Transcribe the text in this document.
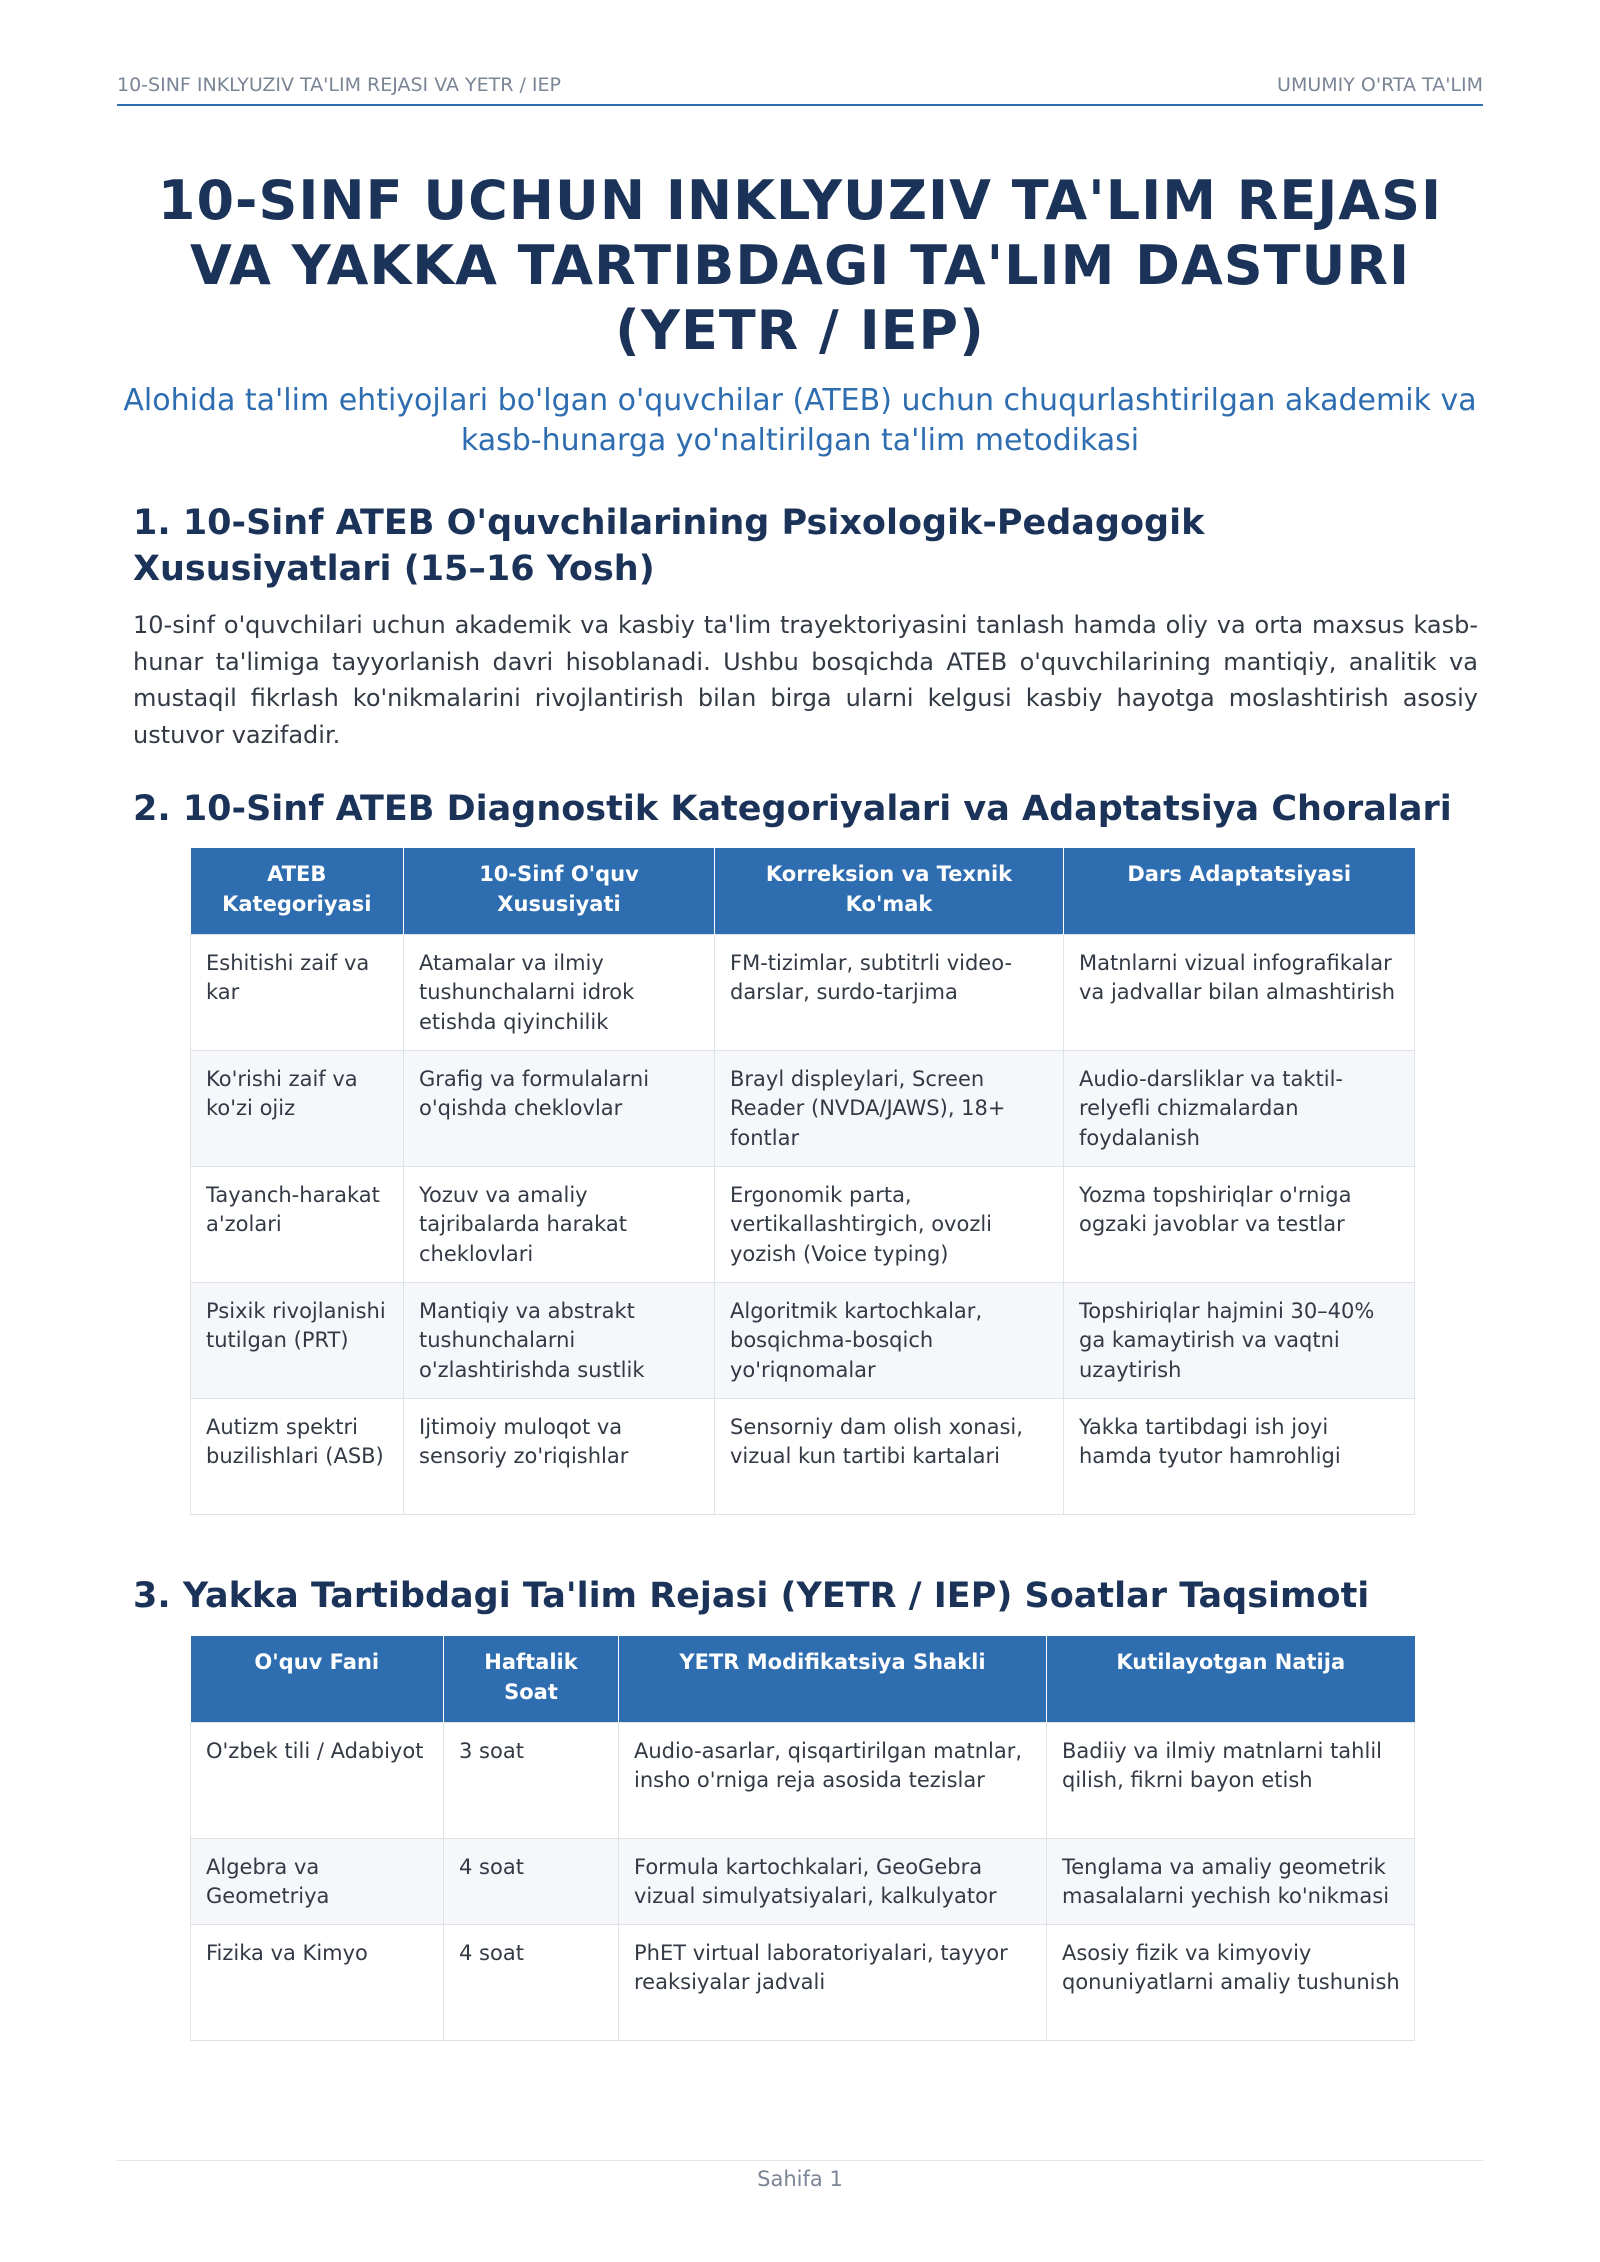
10-SINF INKLYUZIV TA'LIM REJASI VA YETR / IEP	UMUMIY O'RTA TA'LIM
10-SINF UCHUN INKLYUZIV TA'LIM REJASI
VA YAKKA TARTIBDAGI TA'LIM DASTURI
(YETR / IEP)

Alohida ta'lim ehtiyojlari bo'lgan o'quvchilar (ATEB) uchun chuqurlashtirilgan akademik va
kasb-hunarga yo'naltirilgan ta'lim metodikasi

1. 10-Sinf ATEB O'quvchilarining Psixologik-Pedagogik
Xususiyatlari (15–16 Yosh)

10-sinf o'quvchilari uchun akademik va kasbiy ta'lim trayektoriyasini tanlash hamda oliy va orta maxsus kasb-hunar ta'limiga tayyorlanish davri hisoblanadi. Ushbu bosqichda ATEB o'quvchilarining mantiqiy, analitik va mustaqil fikrlash ko'nikmalarini rivojlantirish bilan birga ularni kelgusi kasbiy hayotga moslashtirish asosiy ustuvor vazifadir.

2. 10-Sinf ATEB Diagnostik Kategoriyalari va Adaptatsiya Choralari
ATEB Kategoriyasi	10-Sinf O'quv Xususiyati	Korreksion va Texnik Ko'mak	Dars Adaptatsiyasi
Eshitishi zaif va kar	Atamalar va ilmiy tushunchalarni idrok etishda qiyinchilik	FM-tizimlar, subtitrli video-darslar, surdo-tarjima	Matnlarni vizual infografikalar va jadvallar bilan almashtirish
Ko'rishi zaif va ko'zi ojiz	Grafig va formulalarni o'qishda cheklovlar	Brayl displeylari, Screen Reader (NVDA/JAWS), 18+ fontlar	Audio-darsliklar va taktil-relyefli chizmalardan foydalanish
Tayanch-harakat a'zolari	Yozuv va amaliy tajribalarda harakat cheklovlari	Ergonomik parta, vertikallashtirgich, ovozli yozish (Voice typing)	Yozma topshiriqlar o'rniga ogzaki javoblar va testlar
Psixik rivojlanishi tutilgan (PRT)	Mantiqiy va abstrakt tushunchalarni o'zlashtirishda sustlik	Algoritmik kartochkalar, bosqichma-bosqich yo'riqnomalar	Topshiriqlar hajmini 30–40% ga kamaytirish va vaqtni uzaytirish
Autizm spektri buzilishlari (ASB)	Ijtimoiy muloqot va sensoriy zo'riqishlar	Sensorniy dam olish xonasi, vizual kun tartibi kartalari	Yakka tartibdagi ish joyi hamda tyutor hamrohligi
3. Yakka Tartibdagi Ta'lim Rejasi (YETR / IEP) Soatlar Taqsimoti
O'quv Fani	Haftalik Soat	YETR Modifikatsiya Shakli	Kutilayotgan Natija
O'zbek tili / Adabiyot	3 soat	Audio-asarlar, qisqartirilgan matnlar, insho o'rniga reja asosida tezislar	Badiiy va ilmiy matnlarni tahlil qilish, fikrni bayon etish
Algebra va Geometriya	4 soat	Formula kartochkalari, GeoGebra vizual simulyatsiyalari, kalkulyator	Tenglama va amaliy geometrik masalalarni yechish ko'nikmasi
Fizika va Kimyo	4 soat	PhET virtual laboratoriyalari, tayyor reaksiyalar jadvali	Asosiy fizik va kimyoviy qonuniyatlarni amaliy tushunish
Sahifa 1
